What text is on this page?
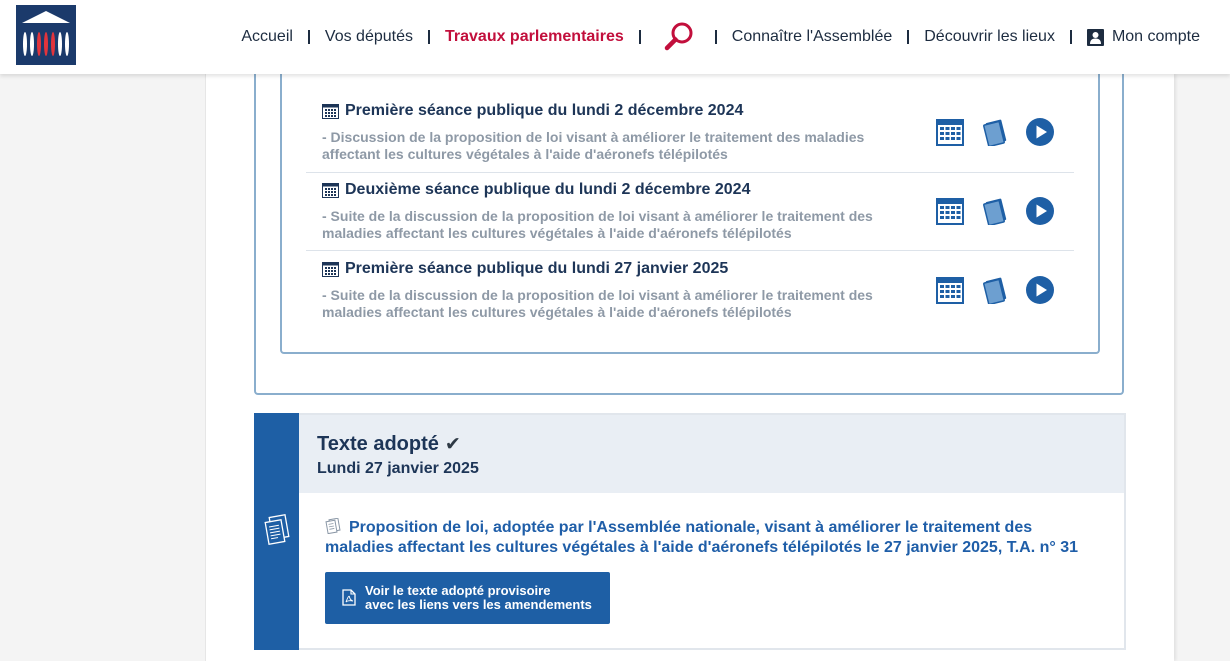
Accueil	Vos députés	Travaux parlementaires	Connaître l'Assemblée	Découvrir les lieux	Mon compte
Première séance publique du lundi 2 décembre 2024
- Discussion de la proposition de loi visant à améliorer le traitement des maladies affectant les cultures végétales à l'aide d'aéronefs télépilotés
Deuxième séance publique du lundi 2 décembre 2024
- Suite de la discussion de la proposition de loi visant à améliorer le traitement des maladies affectant les cultures végétales à l'aide d'aéronefs télépilotés
Première séance publique du lundi 27 janvier 2025
- Suite de la discussion de la proposition de loi visant à améliorer le traitement des maladies affectant les cultures végétales à l'aide d'aéronefs télépilotés
Texte adopté ✔
Lundi 27 janvier 2025
Proposition de loi, adoptée par l'Assemblée nationale, visant à améliorer le traitement des maladies affectant les cultures végétales à l'aide d'aéronefs télépilotés le 27 janvier 2025, T.A. n° 31
Voir le texte adopté provisoire
avec les liens vers les amendements
